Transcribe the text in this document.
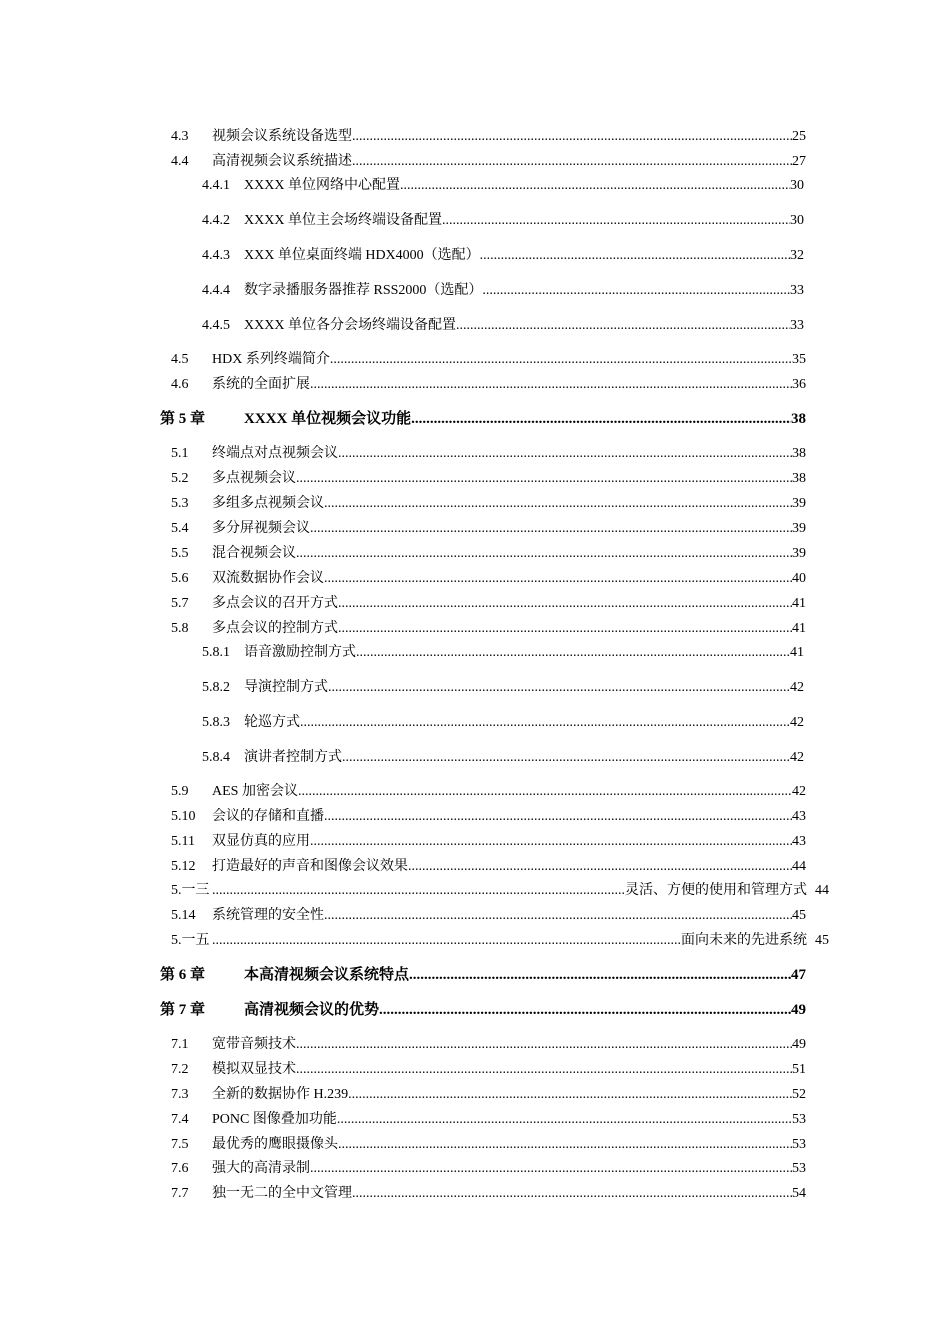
4.3	视频会议系统设备选型 .....	25
4.4	高清视频会议系统描述 .....	27
4.4.1	XXXX 单位网络中心配置 .....	30
4.4.2	XXXX 单位主会场终端设备配置 .....	30
4.4.3	XXX 单位桌面终端 HDX4000（选配） .....	32
4.4.4	数字录播服务器推荐 RSS2000（选配） .....	33
4.4.5	XXXX 单位各分会场终端设备配置 .....	33
4.5	HDX 系列终端简介 .....	35
4.6	系统的全面扩展 .....	36
第 5 章	XXXX 单位视频会议功能 .....	38
5.1	终端点对点视频会议 .....	38
5.2	多点视频会议 .....	38
5.3	多组多点视频会议 .....	39
5.4	多分屏视频会议 .....	39
5.5	混合视频会议 .....	39
5.6	双流数据协作会议 .....	40
5.7	多点会议的召开方式 .....	41
5.8	多点会议的控制方式 .....	41
5.8.1	语音激励控制方式 .....	41
5.8.2	导演控制方式 .....	42
5.8.3	轮巡方式 .....	42
5.8.4	演讲者控制方式 .....	42
5.9	AES 加密会议 .....	42
5.10	会议的存储和直播 .....	43
5.11	双显仿真的应用 .....	43
5.12	打造最好的声音和图像会议效果 .....	44
5.一三	灵活、方便的使用和管理方式 ..... 44
5.14	系统管理的安全性 .....	45
5.一五	面向未来的先进系统 ..... 45
第 6 章	本高清视频会议系统特点 .....	47
第 7 章	高清视频会议的优势 .....	49
7.1	宽带音频技术 .....	49
7.2	模拟双显技术 .....	51
7.3	全新的数据协作 H.239 .....	52
7.4	PONC 图像叠加功能 .....	53
7.5	最优秀的鹰眼摄像头 .....	53
7.6	强大的高清录制 .....	53
7.7	独一无二的全中文管理 .....	54
